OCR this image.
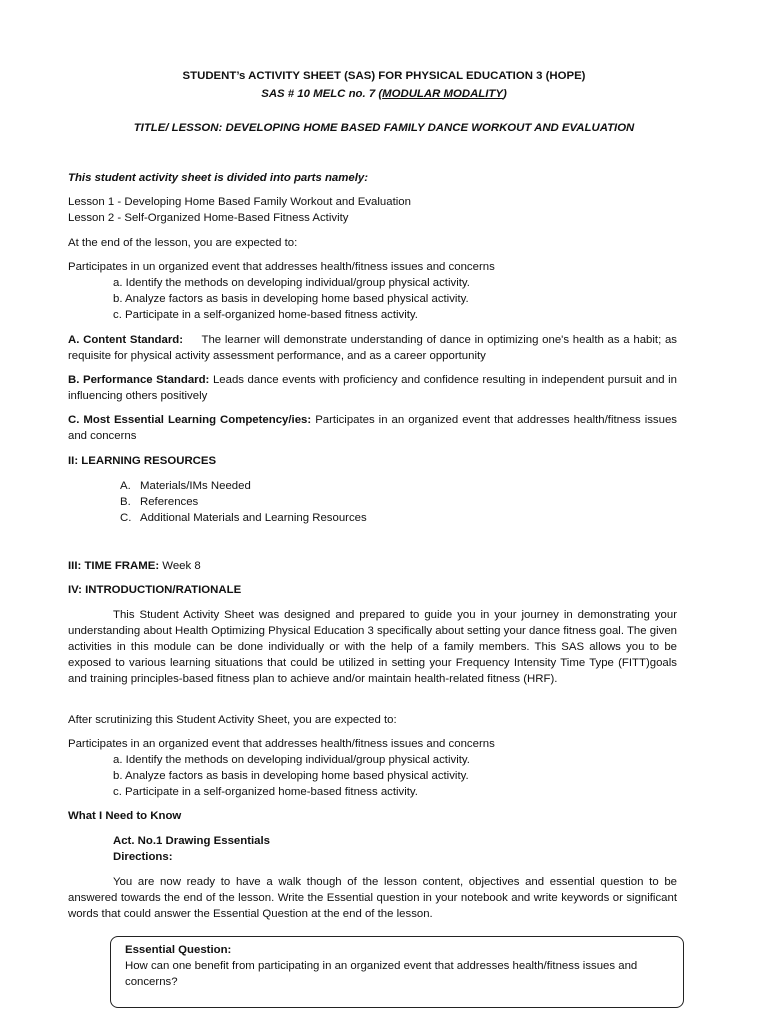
STUDENT’s ACTIVITY SHEET (SAS) FOR PHYSICAL EDUCATION 3 (HOPE)

SAS # 10 MELC no. 7 (MODULAR MODALITY)

TITLE/ LESSON: DEVELOPING HOME BASED FAMILY DANCE WORKOUT AND EVALUATION

This student activity sheet is divided into parts namely:

Lesson 1 - Developing Home Based Family Workout and Evaluation
Lesson 2 - Self-Organized Home-Based Fitness Activity

At the end of the lesson, you are expected to:

Participates in un organized event that addresses health/fitness issues and concerns
a. Identify the methods on developing individual/group physical activity.
b. Analyze factors as basis in developing home based physical activity.
c. Participate in a self-organized home-based fitness activity.

A. Content Standard: The learner will demonstrate understanding of dance in optimizing one's health as a habit; as requisite for physical activity assessment performance, and as a career opportunity

B. Performance Standard: Leads dance events with proficiency and confidence resulting in independent pursuit and in influencing others positively

C. Most Essential Learning Competency/ies: Participates in an organized event that addresses health/fitness issues and concerns

II: LEARNING RESOURCES

A. Materials/IMs Needed
B. References
C. Additional Materials and Learning Resources

III: TIME FRAME: Week 8

IV: INTRODUCTION/RATIONALE

This Student Activity Sheet was designed and prepared to guide you in your journey in demonstrating your understanding about Health Optimizing Physical Education 3 specifically about setting your dance fitness goal. The given activities in this module can be done individually or with the help of a family members. This SAS allows you to be exposed to various learning situations that could be utilized in setting your Frequency Intensity Time Type (FITT)goals and training principles-based fitness plan to achieve and/or maintain health-related fitness (HRF).

After scrutinizing this Student Activity Sheet, you are expected to:

Participates in an organized event that addresses health/fitness issues and concerns
a. Identify the methods on developing individual/group physical activity.
b. Analyze factors as basis in developing home based physical activity.
c. Participate in a self-organized home-based fitness activity.

What I Need to Know

Act. No.1 Drawing Essentials
Directions:

You are now ready to have a walk though of the lesson content, objectives and essential question to be answered towards the end of the lesson. Write the Essential question in your notebook and write keywords or significant words that could answer the Essential Question at the end of the lesson.

Essential Question:
How can one benefit from participating in an organized event that addresses health/fitness issues and concerns?
